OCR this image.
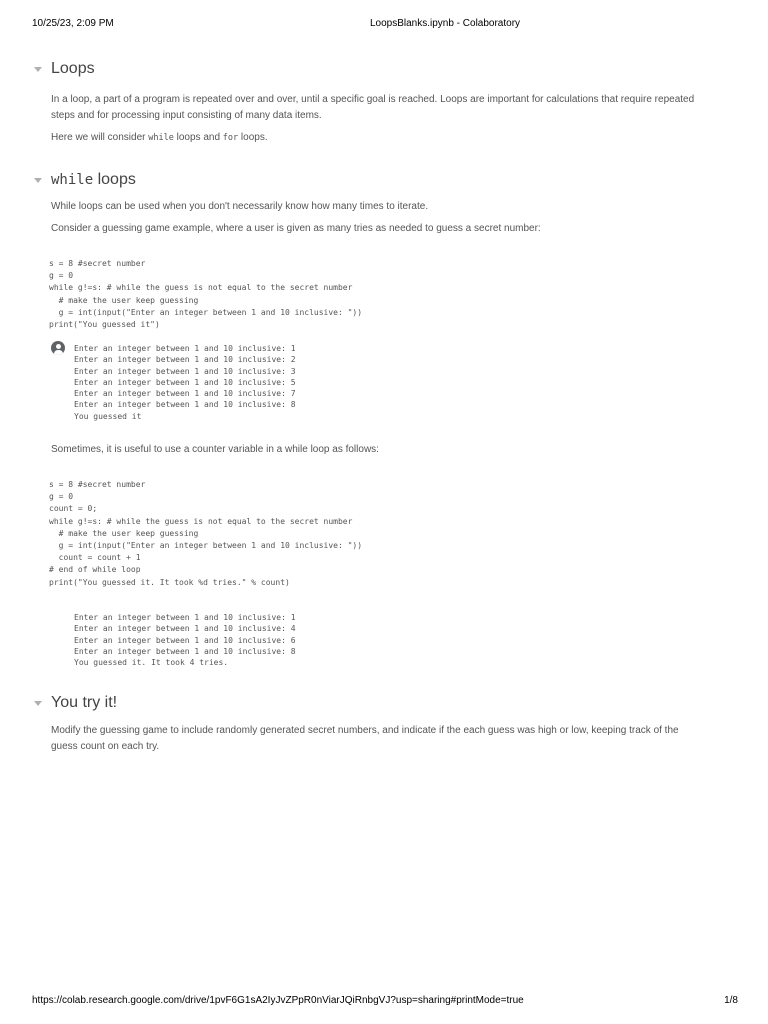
10/25/23, 2:09 PM	LoopsBlanks.ipynb - Colaboratory
Loops
In a loop, a part of a program is repeated over and over, until a specific goal is reached. Loops are important for calculations that require repeated steps and for processing input consisting of many data items.
Here we will consider while loops and for loops.
while loops
While loops can be used when you don't necessarily know how many times to iterate.
Consider a guessing game example, where a user is given as many tries as needed to guess a secret number:
s = 8 #secret number
g = 0
while g!=s: # while the guess is not equal to the secret number
# make the user keep guessing
g = int(input("Enter an integer between 1 and 10 inclusive: "))
print("You guessed it")
Enter an integer between 1 and 10 inclusive: 1
Enter an integer between 1 and 10 inclusive: 2
Enter an integer between 1 and 10 inclusive: 3
Enter an integer between 1 and 10 inclusive: 5
Enter an integer between 1 and 10 inclusive: 7
Enter an integer between 1 and 10 inclusive: 8
You guessed it
Sometimes, it is useful to use a counter variable in a while loop as follows:
s = 8 #secret number
g = 0
count = 0;
while g!=s: # while the guess is not equal to the secret number
# make the user keep guessing
g = int(input("Enter an integer between 1 and 10 inclusive: "))
count = count + 1
# end of while loop
print("You guessed it. It took %d tries." % count)
Enter an integer between 1 and 10 inclusive: 1
Enter an integer between 1 and 10 inclusive: 4
Enter an integer between 1 and 10 inclusive: 6
Enter an integer between 1 and 10 inclusive: 8
You guessed it. It took 4 tries.
You try it!
Modify the guessing game to include randomly generated secret numbers, and indicate if the each guess was high or low, keeping track of the guess count on each try.
https://colab.research.google.com/drive/1pvF6G1sA2IyJvZPpR0nViarJQiRnbgVJ?usp=sharing#printMode=true	1/8
